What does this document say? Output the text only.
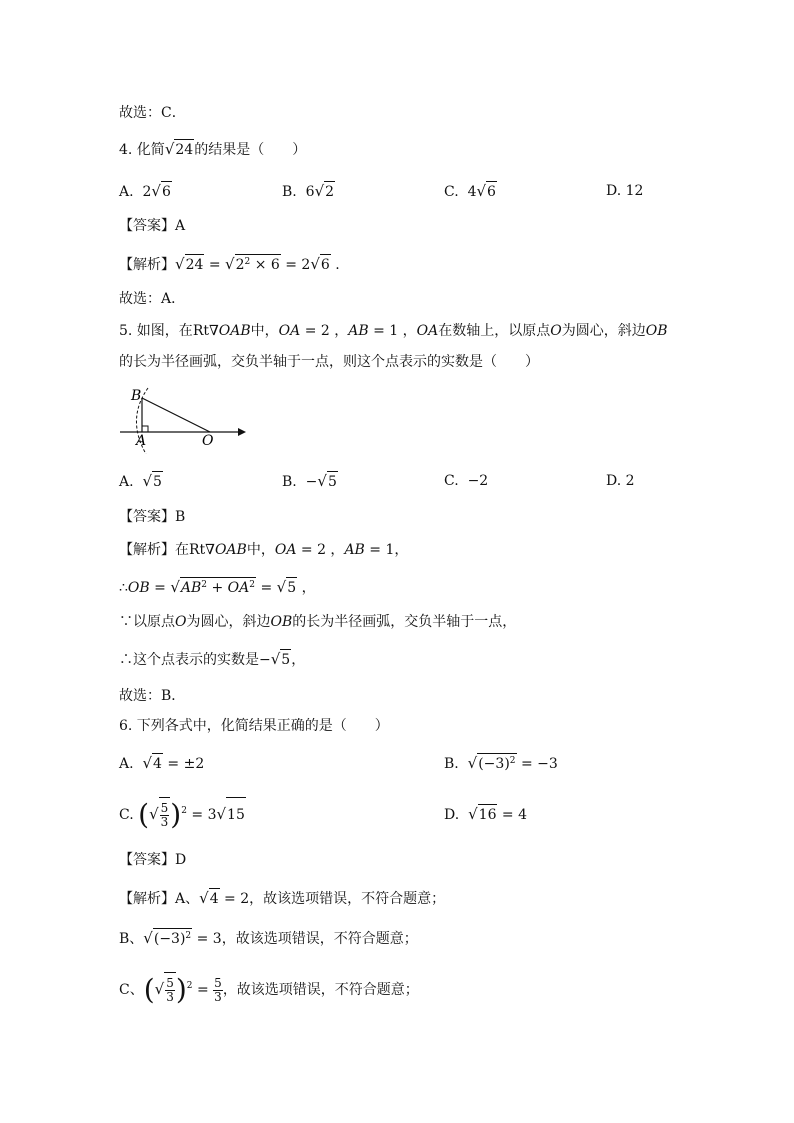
故选：C．
4. 化简√24的结果是（　　）
A.  2√6	B.  6√2	C.  4√6	D. 12
【答案】A
【解析】$√24 = √2^2 \times 6 = 2√6$ .
故选：A．
5. 如图，在Rt∇OAB中，OA = 2 ，AB = 1 ，OA在数轴上，以原点O为圆心，斜边OB
的长为半径画弧，交负半轴于一点，则这个点表示的实数是（　　）
B
A	O
A. √5	B.  −√5	C. −2	D. 2
【答案】B
【解析】在Rt∇OAB中，OA = 2 ，AB = 1，
∴OB = $√AB^2 + OA^2 = √5$ ，
∵以原点O为圆心，斜边OB的长为半径画弧，交负半轴于一点，
∴这个点表示的实数是−√5，
故选：B．
6. 下列各式中，化简结果正确的是（　　）
A. √4 = ±2	B. $√(-3)^2 = -3$
C. (√ $\frac{5}{3} )^2 = 3√15$	D. √16 = 4
【答案】D
【解析】A、√4 = 2，故该选项错误，不符合题意；
B、$√(-3)^2 = 3$，故该选项错误，不符合题意；
C、(√ $\frac{5}{3} )^2 = \frac{5}{3}$ ，故该选项错误，不符合题意；
